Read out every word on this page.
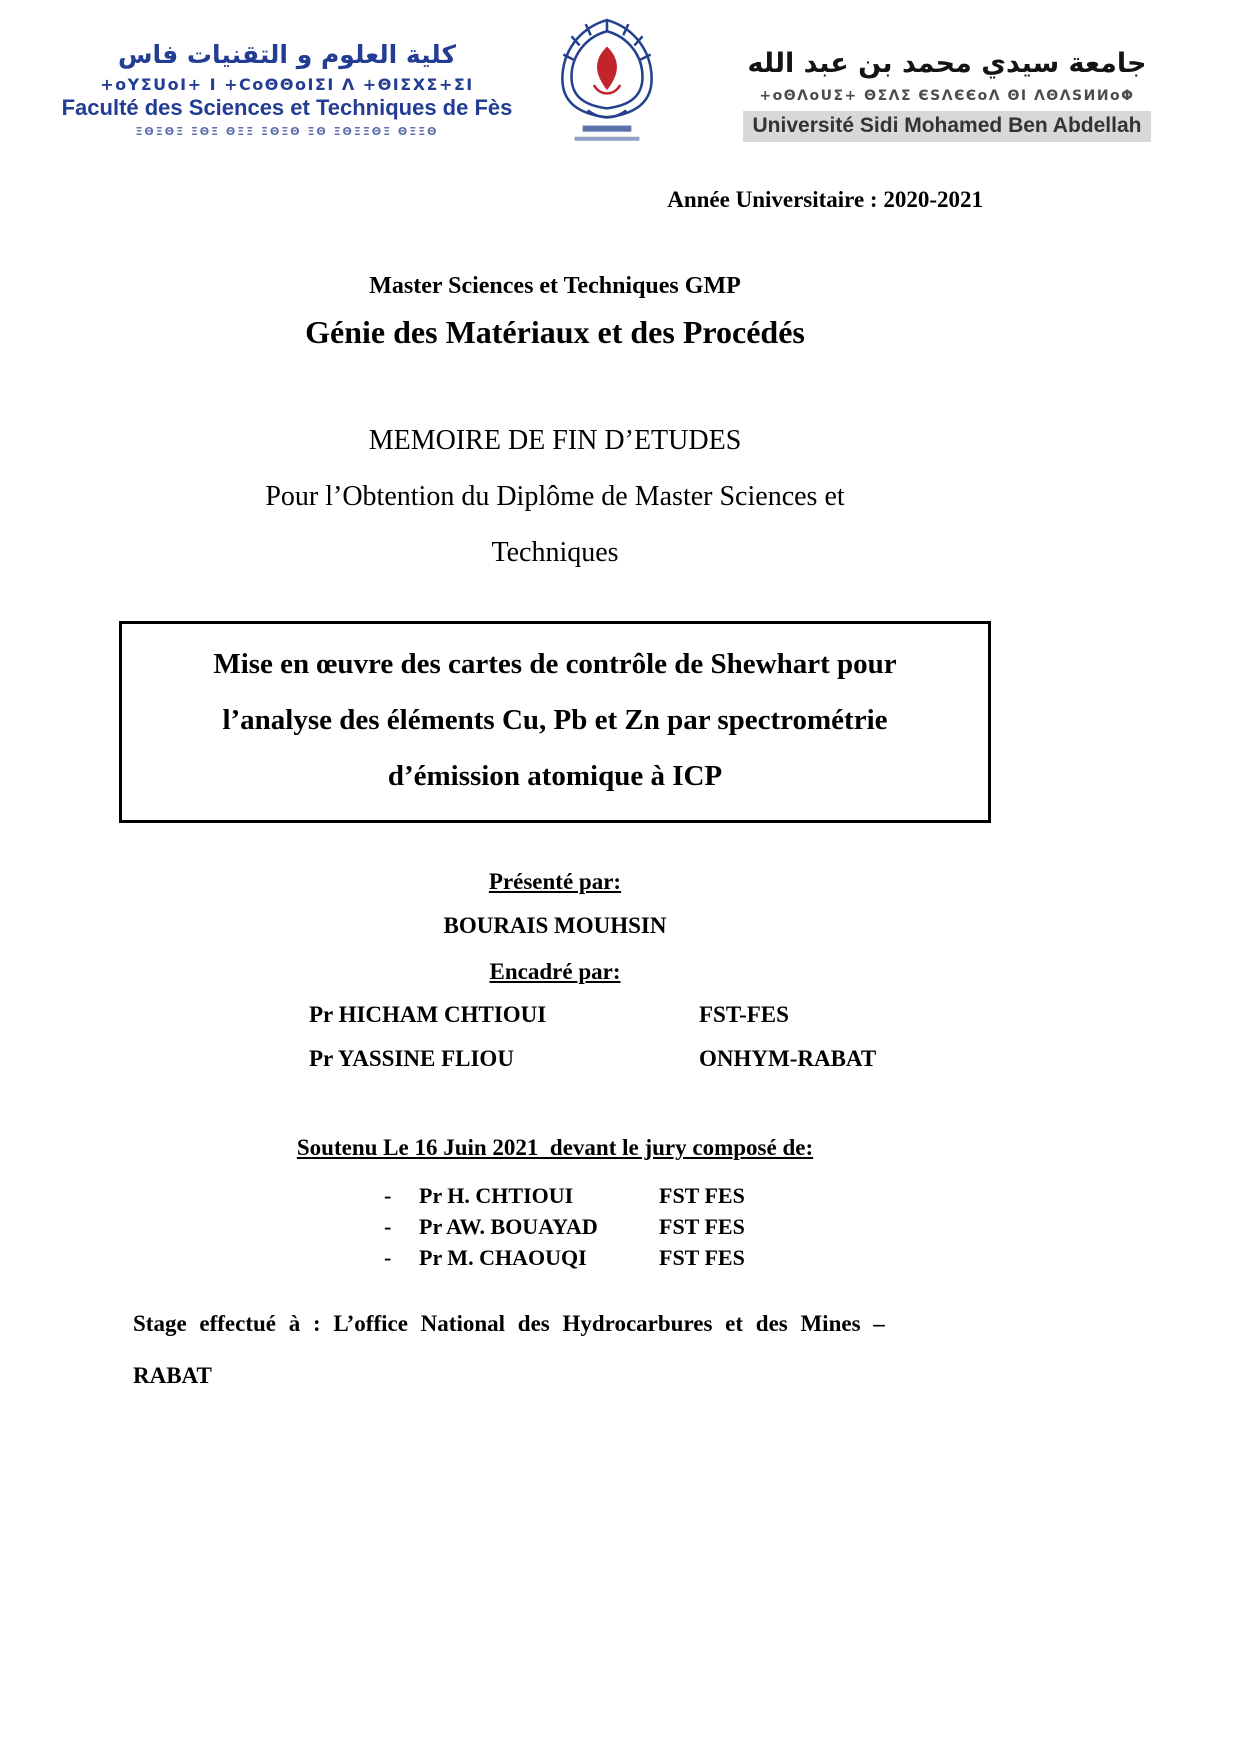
كلية العلوم و التقنيات فاس
+oYΣUoI+ I +CoΘΘoIΣI Λ +ΘIΣXΣ+ΣI
Faculté des Sciences et Techniques de Fès
ΞΘΞΘΞ ΞΘΞ ΘΞΞ ΞΘΞΘ ΞΘ ΞΘΞΞΘΞ ΘΞΞΘ
جامعة سيدي محمد بن عبد الله
+oΘΛoUΣ+ ΘΣΛΣ ЄЅΛЄЄoΛ ΘI ΛΘΛЅИИoΦ
Université Sidi Mohamed Ben Abdellah
Année Universitaire : 2020-2021
Master Sciences et Techniques GMP
Génie des Matériaux et des Procédés
MEMOIRE DE FIN D’ETUDES
Pour l’Obtention du Diplôme de Master Sciences et
Techniques
Mise en œuvre des cartes de contrôle de Shewhart pour
l’analyse des éléments Cu, Pb et Zn par spectrométrie
d’émission atomique à ICP
Présenté par:
BOURAIS MOUHSIN
Encadré par:
Pr HICHAM CHTIOUI	FST-FES
Pr YASSINE FLIOU	ONHYM-RABAT
Soutenu Le 16 Juin 2021  devant le jury composé de:
-	Pr H. CHTIOUI	FST FES
-	Pr AW. BOUAYAD	FST FES
-	Pr M. CHAOUQI	FST FES
Stage effectué à : L’office National des Hydrocarbures et des Mines –
RABAT
